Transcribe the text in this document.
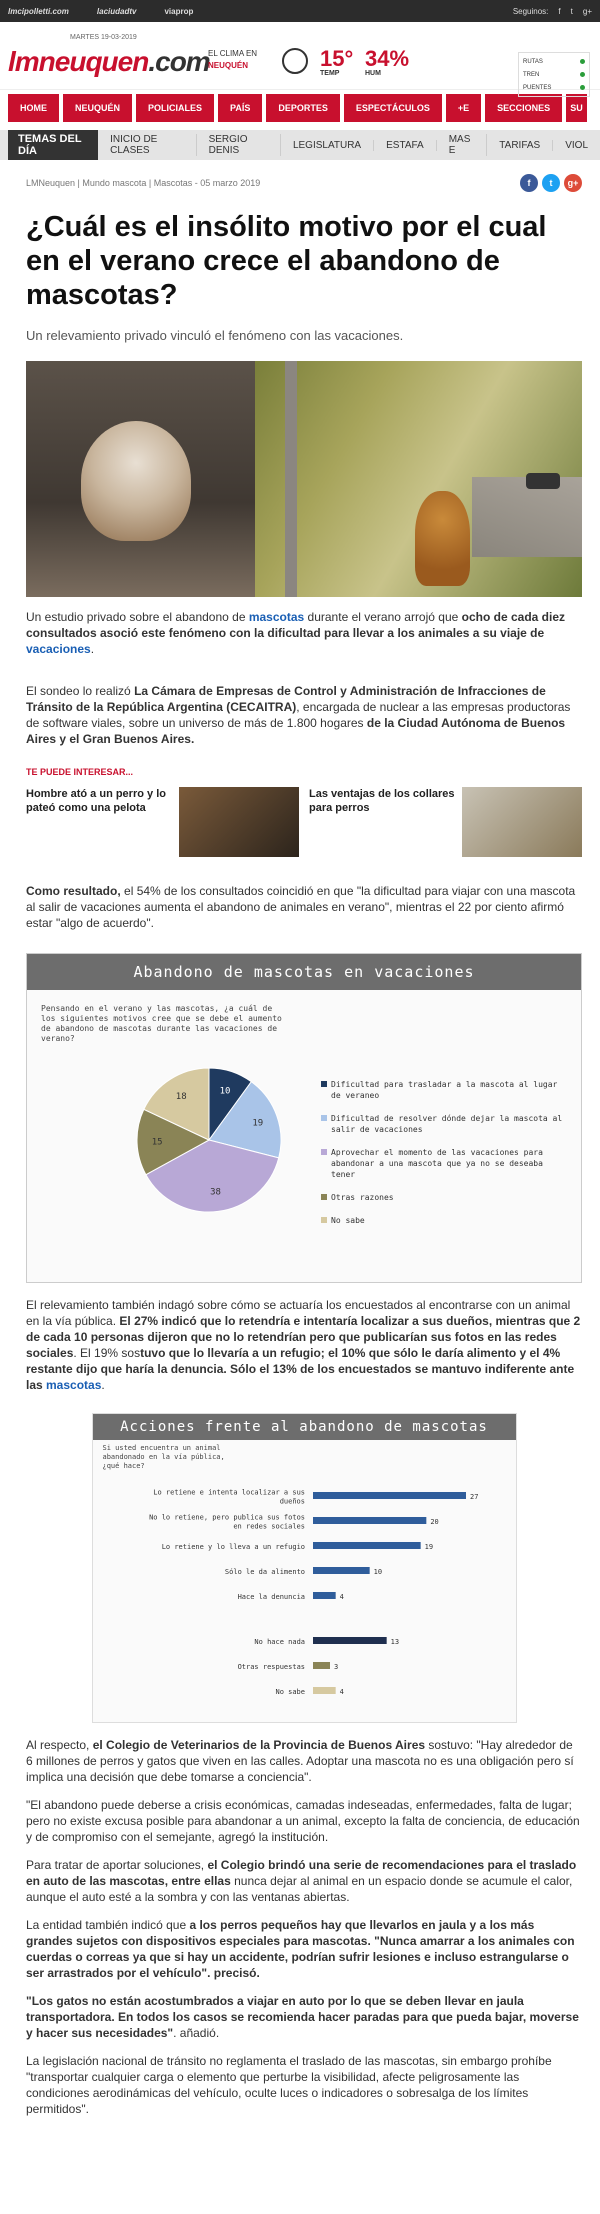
lmcipolletti.com	laciudadtv	viaprop	Seguinos: f t g+
MARTES 19-03-2019
lmneuquen.com
EL CLIMA EN
NEUQUÉN	15°
TEMP
34%
HUM
RUTAS
TREN
PUENTES
HOME	NEUQUÉN	POLICIALES	PAÍS	DEPORTES	ESPECTÁCULOS	+E	SECCIONES	SU
TEMAS DEL DÍA
INICIO DE CLASES
SERGIO DENIS	LEGISLATURA	ESTAFA	MAS E	TARIFAS	VIOL
LMNeuquen | Mundo mascota | Mascotas - 05 marzo 2019	f	t	g+
¿Cuál es el insólito motivo por el cual en el verano crece el abandono de mascotas?
Un relevamiento privado vinculó el fenómeno con las vacaciones.

Un estudio privado sobre el abandono de mascotas durante el verano arrojó que ocho de cada diez consultados asoció este fenómeno con la dificultad para llevar a los animales a su viaje de vacaciones.

El sondeo lo realizó La Cámara de Empresas de Control y Administración de Infracciones de Tránsito de la República Argentina (CECAITRA), encargada de nuclear a las empresas productoras de software viales, sobre un universo de más de 1.800 hogares de la Ciudad Autónoma de Buenos Aires y el Gran Buenos Aires.

TE PUEDE INTERESAR...
Hombre ató a un perro y lo pateó como una pelota
Las ventajas de los collares para perros

Como resultado, el 54% de los consultados coincidió en que "la dificultad para viajar con una mascota al salir de vacaciones aumenta el abandono de animales en verano", mientras el 22 por ciento afirmó estar "algo de acuerdo".

Abandono de mascotas en vacaciones
Pensando en el verano y las mascotas, ¿a cuál de los siguientes motivos cree que se debe el aumento de abandono de mascotas durante las vacaciones de verano?
10
19
38
15
18
Dificultad para trasladar a la mascota al lugar de veraneo
Dificultad de resolver dónde dejar la mascota al salir de vacaciones
Aprovechar el momento de las vacaciones para abandonar a una mascota que ya no se deseaba tener
Otras razones
No sabe

El relevamiento también indagó sobre cómo se actuaría los encuestados al encontrarse con un animal en la vía pública. El 27% indicó que lo retendría e intentaría localizar a sus dueños, mientras que 2 de cada 10 personas dijeron que no lo retendrían pero que publicarían sus fotos en las redes sociales. El 19% sostuvo que lo llevaría a un refugio; el 10% que sólo le daría alimento y el 4% restante dijo que haría la denuncia. Sólo el 13% de los encuestados se mantuvo indiferente ante las mascotas.

Acciones frente al abandono de mascotas
Si usted encuentra un animal abandonado en la vía pública, ¿qué hace?
Lo retiene e intenta localizar a sus
dueños
27
No lo retiene, pero publica sus fotos
en redes sociales
20
Lo retiene y lo lleva a un refugio	19
Sólo le da alimento	10
Hace la denuncia	4
No hace nada	13
Otras respuestas	3
No sabe	4

Al respecto, el Colegio de Veterinarios de la Provincia de Buenos Aires sostuvo: "Hay alrededor de 6 millones de perros y gatos que viven en las calles. Adoptar una mascota no es una obligación pero sí implica una decisión que debe tomarse a conciencia".

"El abandono puede deberse a crisis económicas, camadas indeseadas, enfermedades, falta de lugar; pero no existe excusa posible para abandonar a un animal, excepto la falta de conciencia, de educación y de compromiso con el semejante, agregó la institución.

Para tratar de aportar soluciones, el Colegio brindó una serie de recomendaciones para el traslado en auto de las mascotas, entre ellas nunca dejar al animal en un espacio donde se acumule el calor, aunque el auto esté a la sombra y con las ventanas abiertas.

La entidad también indicó que a los perros pequeños hay que llevarlos en jaula y a los más grandes sujetos con dispositivos especiales para mascotas. "Nunca amarrar a los animales con cuerdas o correas ya que si hay un accidente, podrían sufrir lesiones e incluso estrangularse o ser arrastrados por el vehículo". precisó.

"Los gatos no están acostumbrados a viajar en auto por lo que se deben llevar en jaula transportadora. En todos los casos se recomienda hacer paradas para que pueda bajar, moverse y hacer sus necesidades". añadió.

La legislación nacional de tránsito no reglamenta el traslado de las mascotas, sin embargo prohíbe "transportar cualquier carga o elemento que perturbe la visibilidad, afecte peligrosamente las condiciones aerodinámicas del vehículo, oculte luces o indicadores o sobresalga de los límites permitidos".
